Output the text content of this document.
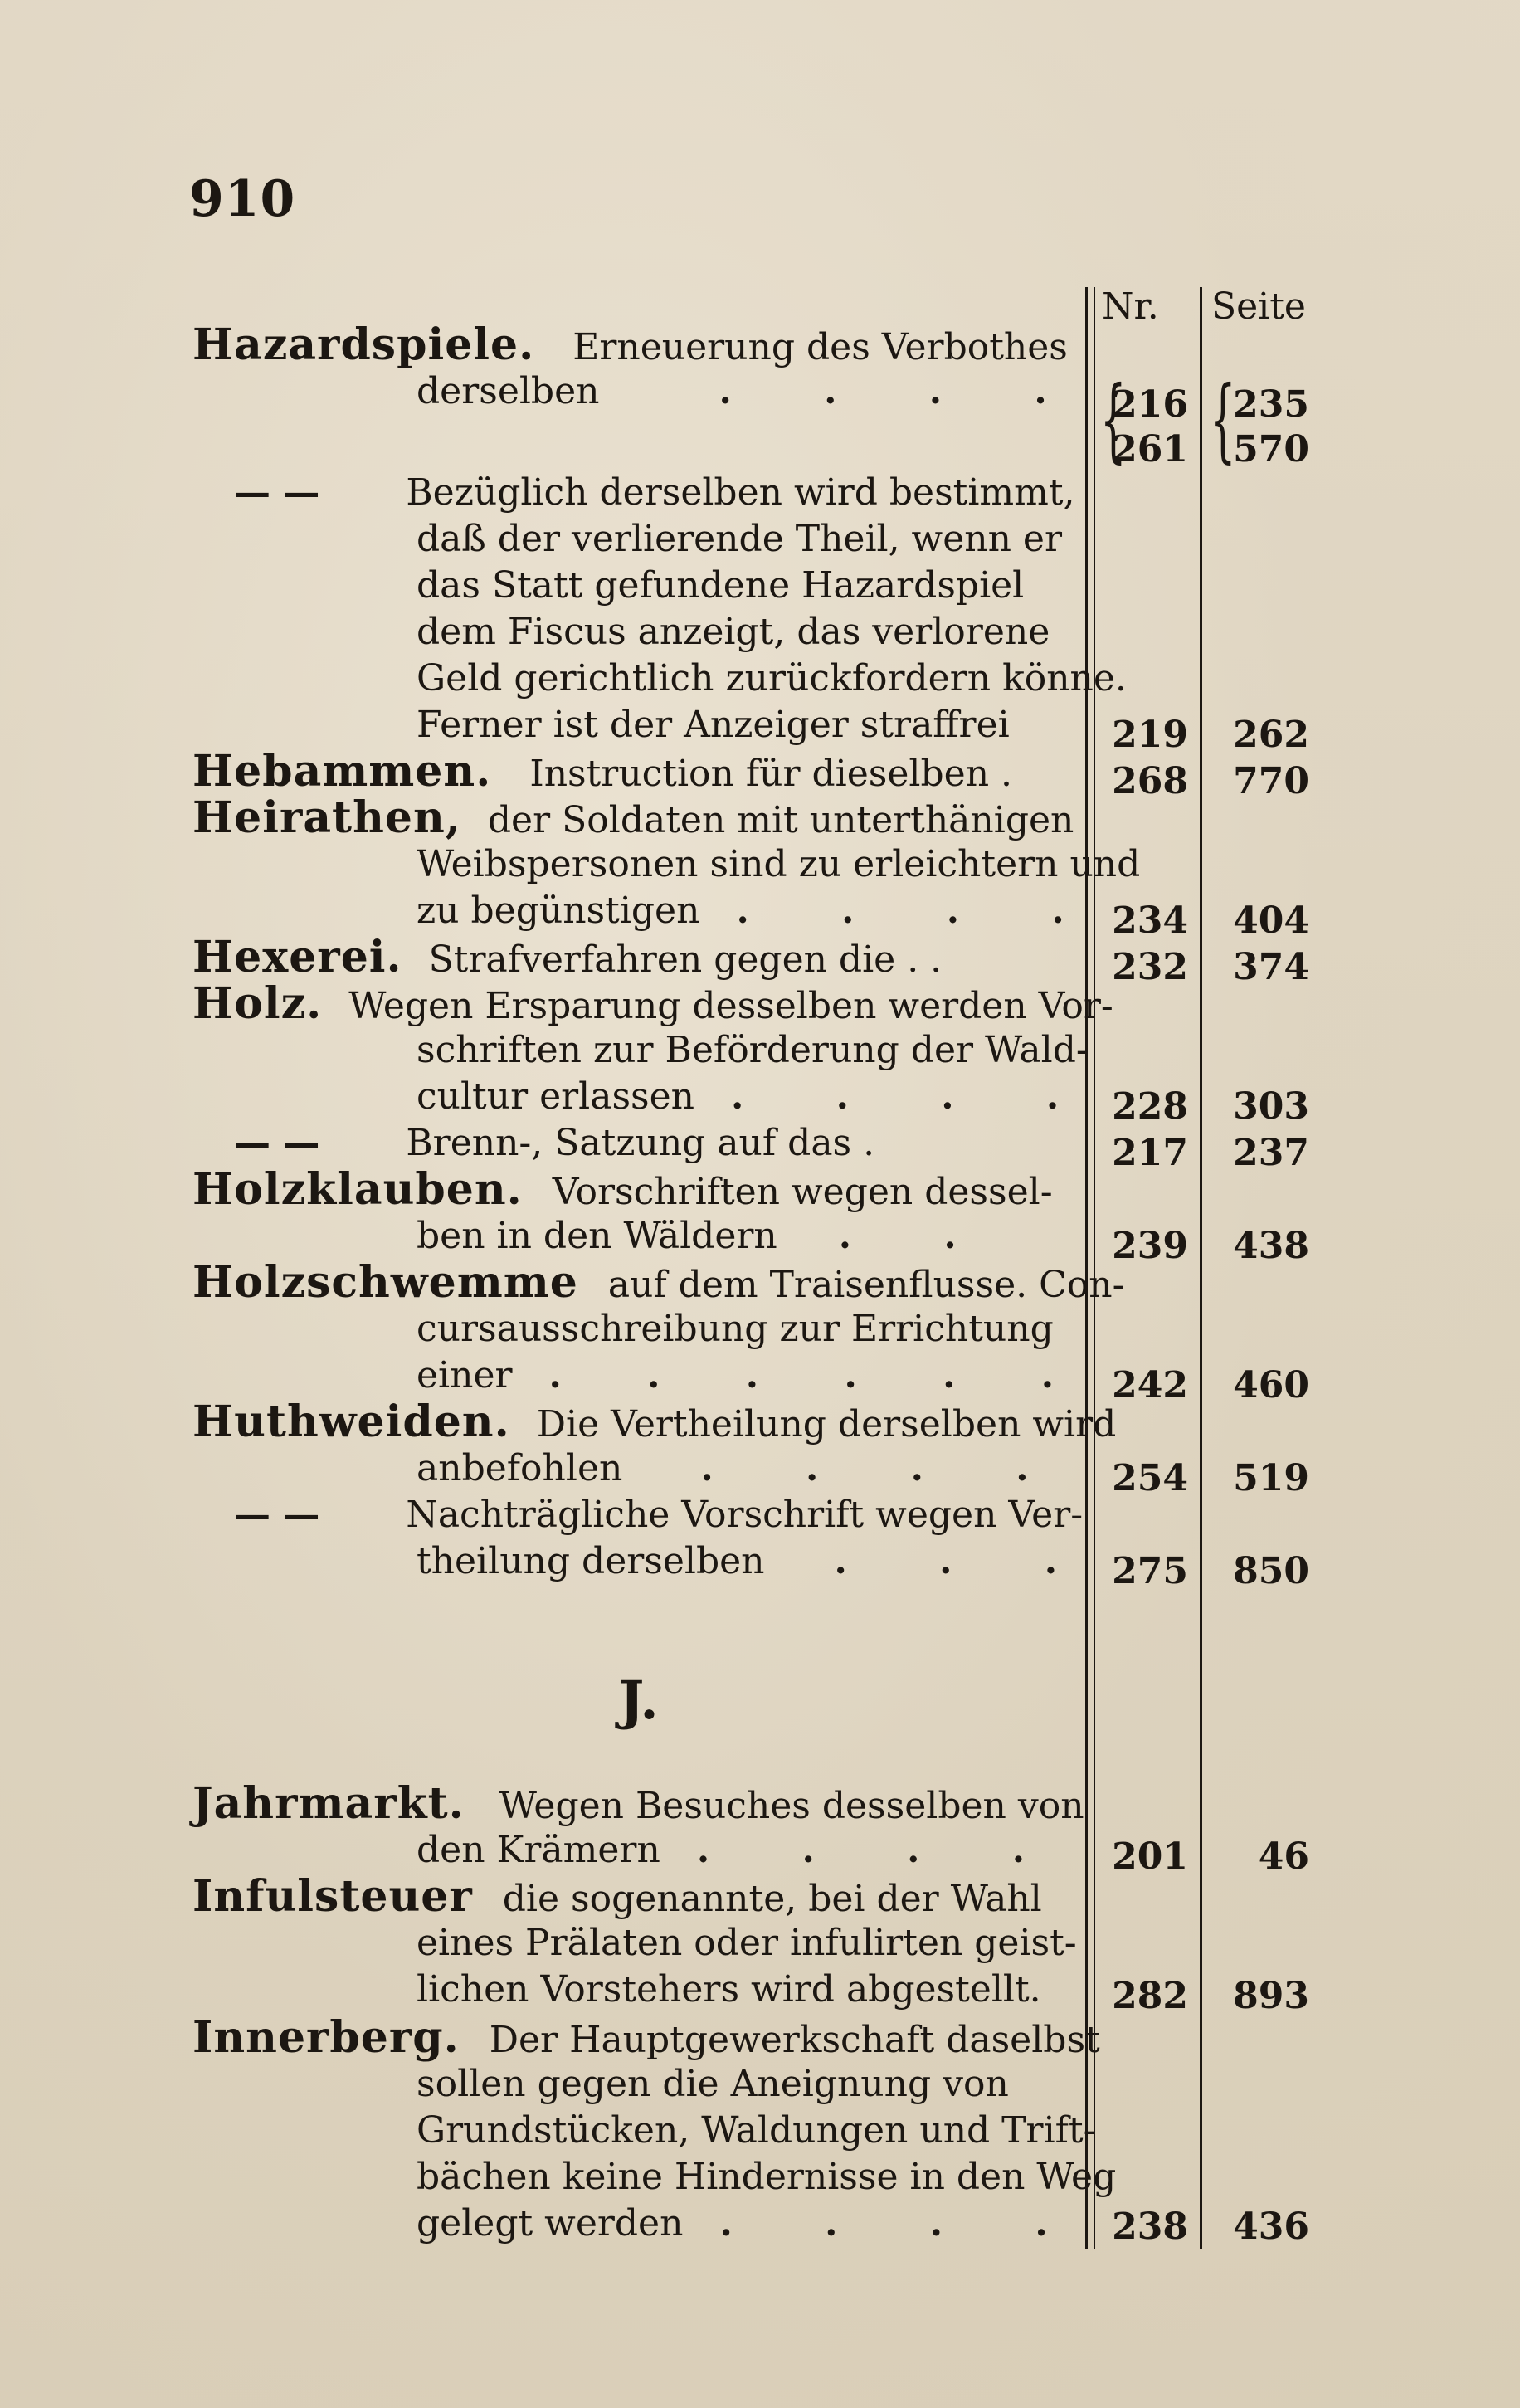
910
Nr. Seite
J.
Hazardspiele. Erneuerung des Verbothes
derselben	. . . . { {
216 235
261 570
— — Bezüglich derselben wird bestimmt,
daß der verlierende Theil, wenn er
das Statt gefundene Hazardspiel
dem Fiscus anzeigt, das verlorene
Geld gerichtlich zurückfordern könne.
Ferner ist der Anzeiger straffrei	219 262
Hebammen. Instruction für dieselben .	268 770
Heirathen, der Soldaten mit unterthänigen
Weibspersonen sind zu erleichtern und
zu begünstigen . . . . 234 404
Hexerei. Strafverfahren gegen die . .	232 374
Holz. Wegen Ersparung desselben werden Vor-
schriften zur Beförderung der Wald-
cultur erlassen . . . . 228 303
— — Brenn-, Satzung auf das .	217 237
Holzklauben. Vorschriften wegen dessel-
ben in den Wäldern . .	239 438
Holzschwemme auf dem Traisenflusse. Con-
cursausschreibung zur Errichtung
einer . . . . . . 242 460
Huthweiden. Die Vertheilung derselben wird
anbefohlen . . . . 254 519
— — Nachträgliche Vorschrift wegen Ver-
theilung derselben . . . 275 850
Jahrmarkt. Wegen Besuches desselben von
den Krämern . . . . 201	46
Infulsteuer die sogenannte, bei der Wahl
eines Prälaten oder infulirten geist-
lichen Vorstehers wird abgestellt. 282 893
Innerberg. Der Hauptgewerkschaft daselbst
sollen gegen die Aneignung von
Grundstücken, Waldungen und Trift-
bächen keine Hindernisse in den Weg
gelegt werden . . . . 238 436
